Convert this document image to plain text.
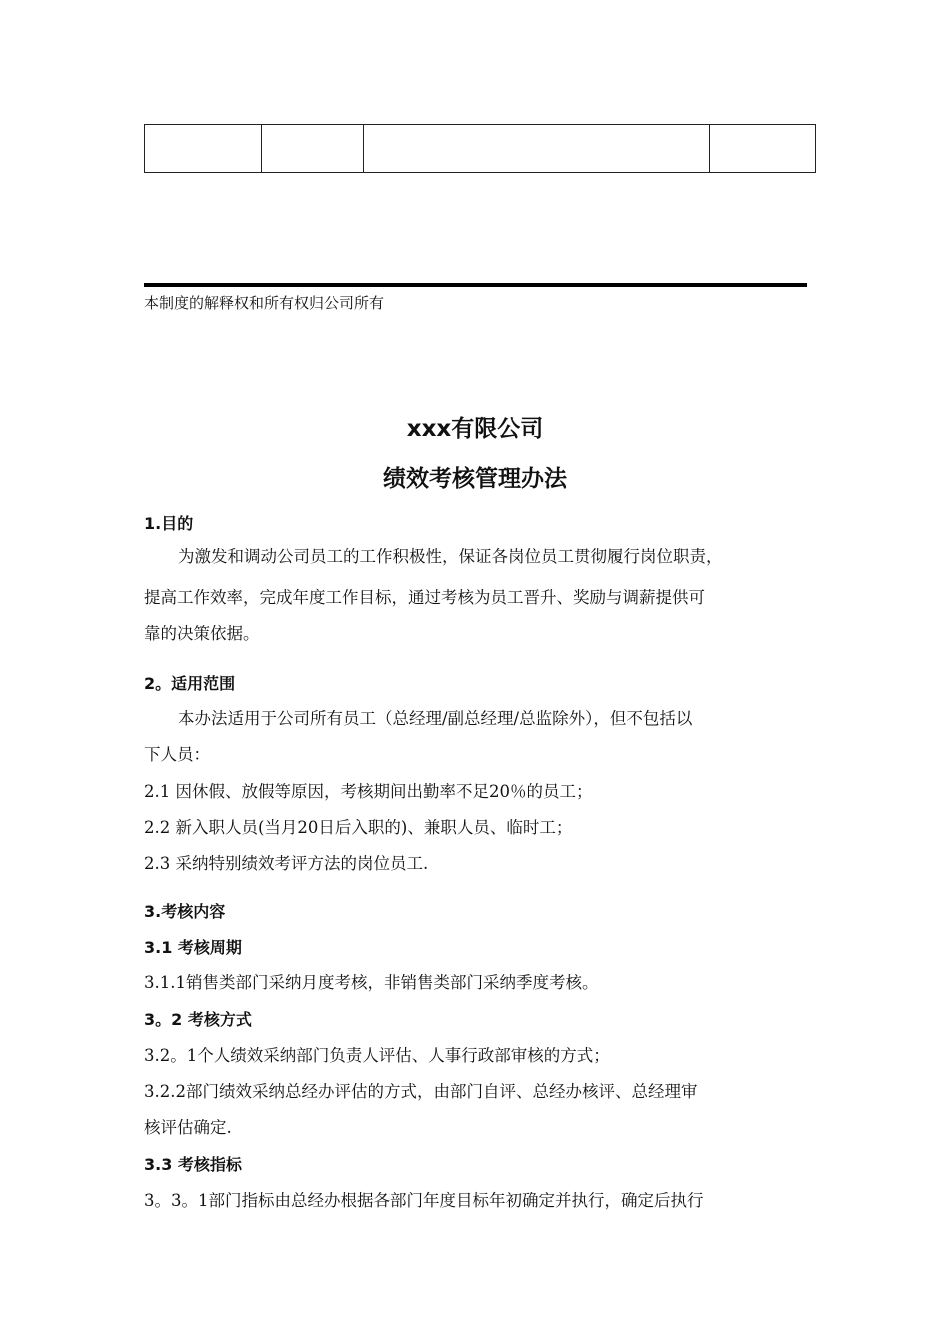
本制度的解释权和所有权归公司所有
xxx有限公司
绩效考核管理办法
1.目的
为激发和调动公司员工的工作积极性，保证各岗位员工贯彻履行岗位职责，
提高工作效率，完成年度工作目标，通过考核为员工晋升、奖励与调薪提供可
靠的决策依据。
2。适用范围
本办法适用于公司所有员工（总经理/副总经理/总监除外），但不包括以
下人员：
2.1 因休假、放假等原因，考核期间出勤率不足20％的员工；
2.2 新入职人员(当月20日后入职的)、兼职人员、临时工；
2.3 采纳特别绩效考评方法的岗位员工.
3.考核内容
3.1 考核周期
3.1.1销售类部门采纳月度考核，非销售类部门采纳季度考核。
3。2 考核方式
3.2。1个人绩效采纳部门负责人评估、人事行政部审核的方式；
3.2.2部门绩效采纳总经办评估的方式，由部门自评、总经办核评、总经理审
核评估确定.
3.3 考核指标
3。3。1部门指标由总经办根据各部门年度目标年初确定并执行，确定后执行
